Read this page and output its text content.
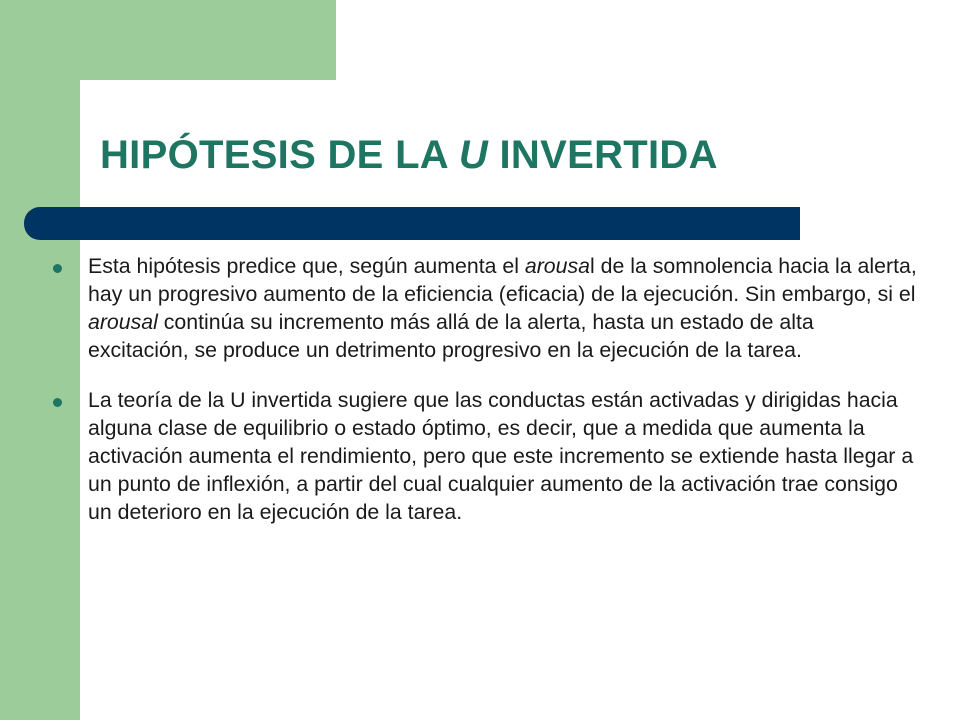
HIPÓTESIS DE LA U INVERTIDA
Esta hipótesis predice que, según aumenta el arousal de la somnolencia hacia la alerta, hay un progresivo aumento de la eficiencia (eficacia) de la ejecución. Sin embargo, si el arousal continúa su incremento más allá de la alerta, hasta un estado de alta excitación, se produce un detrimento progresivo en la ejecución de la tarea.
La teoría de la U invertida sugiere que las conductas están activadas y dirigidas hacia alguna clase de equilibrio o estado óptimo, es decir, que a medida que aumenta la activación aumenta el rendimiento, pero que este incremento se extiende hasta llegar a un punto de inflexión, a partir del cual cualquier aumento de la activación trae consigo un deterioro en la ejecución de la tarea.
